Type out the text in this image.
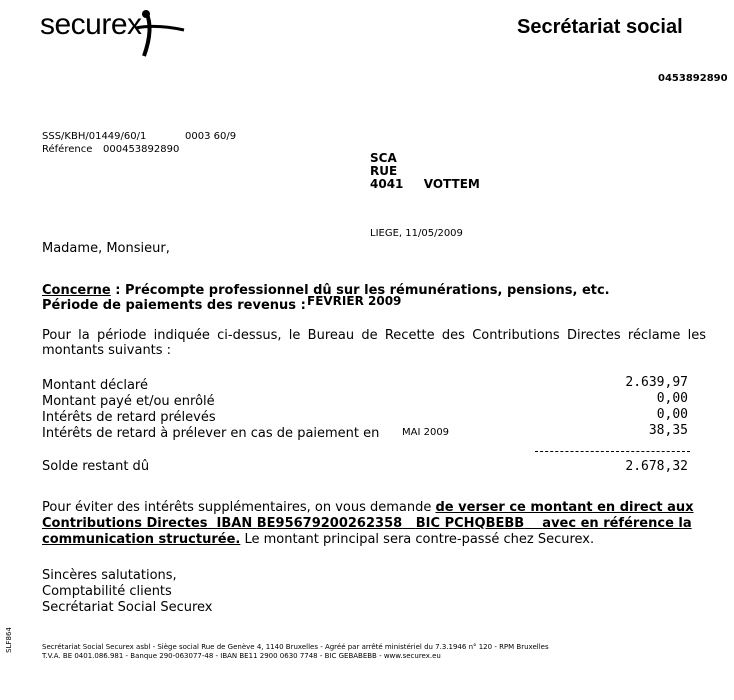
securex	Secrétariat social
0453892890
SSS/KBH/01449/60/1	0003 60/9
Référence 000453892890
SCA
RUE
4041 VOTTEM
LIEGE, 11/05/2009
Madame, Monsieur,
Concerne : Précompte professionnel dû sur les rémunérations, pensions, etc.
Période de paiements des revenus : FEVRIER 2009
Pour la période indiquée ci-dessus, le Bureau de Recette des Contributions Directes réclame les montants suivants :
Montant déclaré	2.639,97
Montant payé et/ou enrôlé	0,00
Intérêts de retard prélevés	0,00
Intérêts de retard à prélever en cas de paiement en MAI 2009	38,35
Solde restant dû	2.678,32
Pour éviter des intérêts supplémentaires, on vous demande de verser ce montant en direct aux
Contributions Directes IBAN BE95679200262358 BIC PCHQBEBB avec en référence la
communication structurée. Le montant principal sera contre-passé chez Securex.
Sincères salutations,
Comptabilité clients
Secrétariat Social Securex
SLF864	Secrétariat Social Securex asbl - Siège social Rue de Genève 4, 1140 Bruxelles - Agréé par arrêté ministériel du 7.3.1946 n° 120 - RPM Bruxelles
T.V.A. BE 0401.086.981 - Banque 290-063077-48 - IBAN BE11 2900 0630 7748 - BIC GEBABEBB - www.securex.eu
